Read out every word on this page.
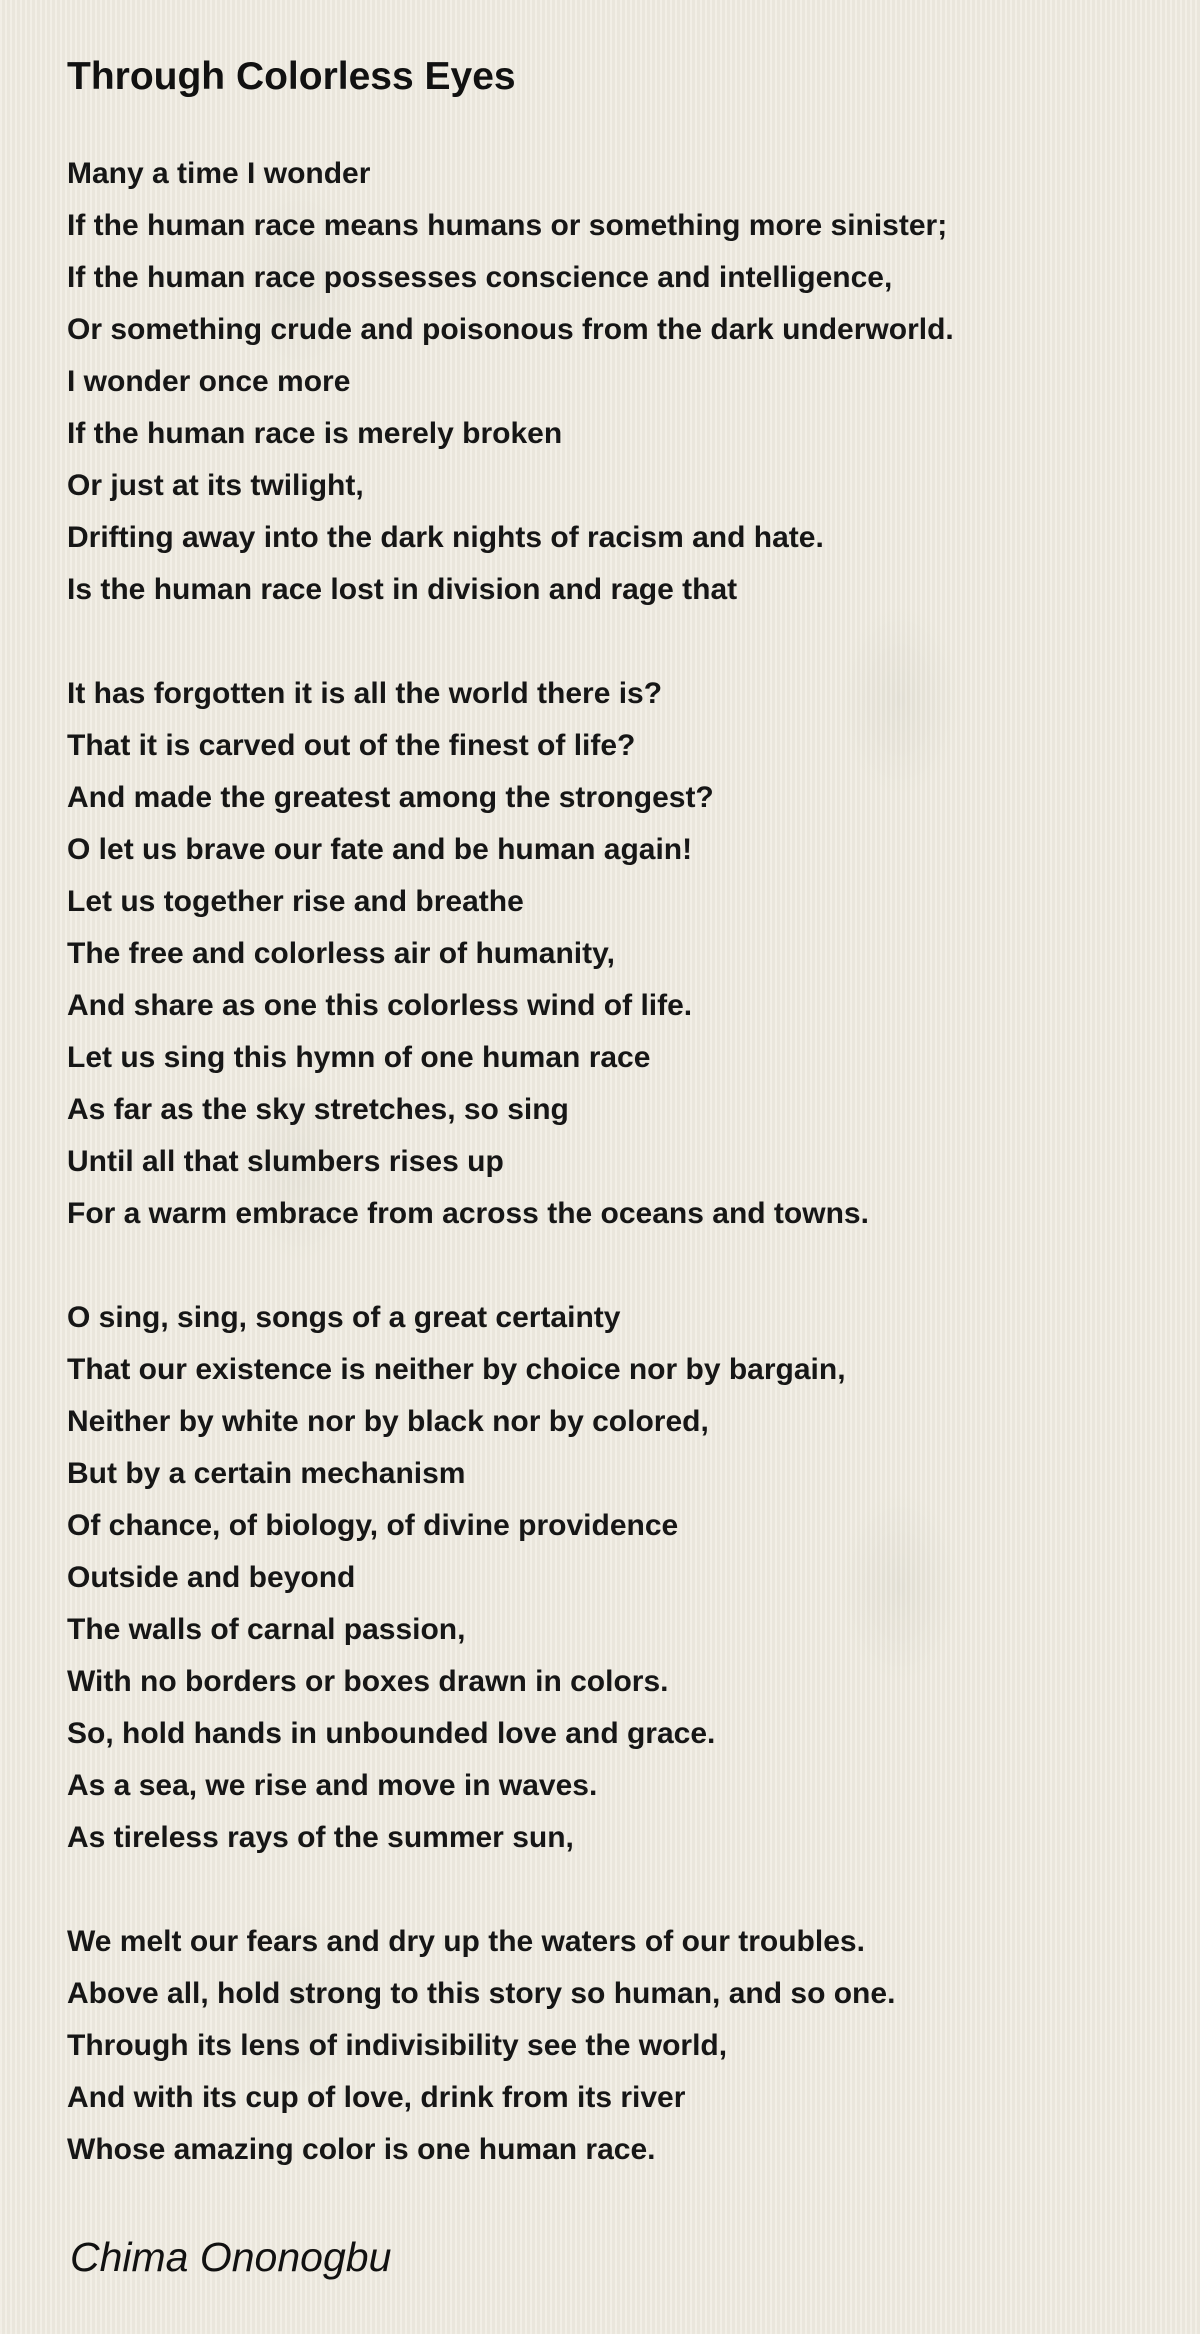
Through Colorless Eyes
Many a time I wonder
If the human race means humans or something more sinister;
If the human race possesses conscience and intelligence,
Or something crude and poisonous from the dark underworld.
I wonder once more
If the human race is merely broken
Or just at its twilight,
Drifting away into the dark nights of racism and hate.
Is the human race lost in division and rage that
It has forgotten it is all the world there is?
That it is carved out of the finest of life?
And made the greatest among the strongest?
O let us brave our fate and be human again!
Let us together rise and breathe
The free and colorless air of humanity,
And share as one this colorless wind of life.
Let us sing this hymn of one human race
As far as the sky stretches, so sing
Until all that slumbers rises up
For a warm embrace from across the oceans and towns.
O sing, sing, songs of a great certainty
That our existence is neither by choice nor by bargain,
Neither by white nor by black nor by colored,
But by a certain mechanism
Of chance, of biology, of divine providence
Outside and beyond
The walls of carnal passion,
With no borders or boxes drawn in colors.
So, hold hands in unbounded love and grace.
As a sea, we rise and move in waves.
As tireless rays of the summer sun,
We melt our fears and dry up the waters of our troubles.
Above all, hold strong to this story so human, and so one.
Through its lens of indivisibility see the world,
And with its cup of love, drink from its river
Whose amazing color is one human race.
Chima Ononogbu
